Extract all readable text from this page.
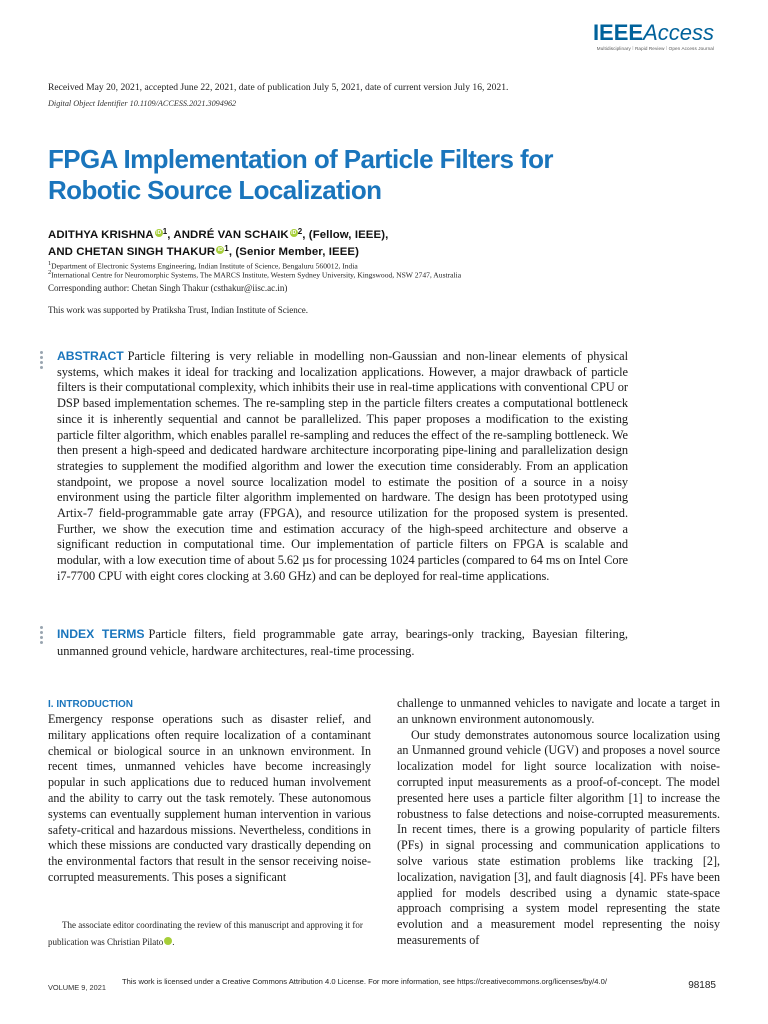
IEEEAccess
Multidisciplinary ⁞ Rapid Review ⁞ Open Access Journal
Received May 20, 2021, accepted June 22, 2021, date of publication July 5, 2021, date of current version July 16, 2021.
Digital Object Identifier 10.1109/ACCESS.2021.3094962
FPGA Implementation of Particle Filters for Robotic Source Localization
ADITHYA KRISHNA $iD^1$, ANDRÉ VAN SCHAIK $iD^2$, (Fellow, IEEE),
AND CHETAN SINGH THAKUR $iD^1$, (Senior Member, IEEE)
$^1$Department of Electronic Systems Engineering, Indian Institute of Science, Bengaluru 560012, India
$^2$International Centre for Neuromorphic Systems, The MARCS Institute, Western Sydney University, Kingswood, NSW 2747, Australia
Corresponding author: Chetan Singh Thakur (csthakur@iisc.ac.in)
This work was supported by Pratiksha Trust, Indian Institute of Science.
ABSTRACT Particle filtering is very reliable in modelling non-Gaussian and non-linear elements of physical systems, which makes it ideal for tracking and localization applications. However, a major drawback of particle filters is their computational complexity, which inhibits their use in real-time applications with conventional CPU or DSP based implementation schemes. The re-sampling step in the particle filters creates a computational bottleneck since it is inherently sequential and cannot be parallelized. This paper proposes a modification to the existing particle filter algorithm, which enables parallel re-sampling and reduces the effect of the re-sampling bottleneck. We then present a high-speed and dedicated hardware architecture incorporating pipe-lining and parallelization design strategies to supplement the modified algorithm and lower the execution time considerably. From an application standpoint, we propose a novel source localization model to estimate the position of a source in a noisy environment using the particle filter algorithm implemented on hardware. The design has been prototyped using Artix-7 field-programmable gate array (FPGA), and resource utilization for the proposed system is presented. Further, we show the execution time and estimation accuracy of the high-speed architecture and observe a significant reduction in computational time. Our implementation of particle filters on FPGA is scalable and modular, with a low execution time of about 5.62 µs for processing 1024 particles (compared to 64 ms on Intel Core i7-7700 CPU with eight cores clocking at 3.60 GHz) and can be deployed for real-time applications.
INDEX TERMS Particle filters, field programmable gate array, bearings-only tracking, Bayesian filtering, unmanned ground vehicle, hardware architectures, real-time processing.
I. INTRODUCTION

Emergency response operations such as disaster relief, and military applications often require localization of a contaminant chemical or biological source in an unknown environment. In recent times, unmanned vehicles have become increasingly popular in such applications due to reduced human involvement and the ability to carry out the task remotely. These autonomous systems can eventually supplement human intervention in various safety-critical and hazardous missions. Nevertheless, conditions in which these missions are conducted vary drastically depending on the environmental factors that result in the sensor receiving noise-corrupted measurements. This poses a significant

challenge to unmanned vehicles to navigate and locate a target in an unknown environment autonomously.

Our study demonstrates autonomous source localization using an Unmanned ground vehicle (UGV) and proposes a novel source localization model for light source localization with noise-corrupted input measurements as a proof-of-concept. The model presented here uses a particle filter algorithm [1] to increase the robustness to false detections and noise-corrupted measurements. In recent times, there is a growing popularity of particle filters (PFs) in signal processing and communication applications to solve various state estimation problems like tracking [2], localization, navigation [3], and fault diagnosis [4]. PFs have been applied for models described using a dynamic state-space approach comprising a system model representing the state evolution and a measurement model representing the noisy measurements of

The associate editor coordinating the review of this manuscript and approving it for publication was Christian Pilato	iD.
VOLUME 9, 2021
This work is licensed under a Creative Commons Attribution 4.0 License. For more information, see https://creativecommons.org/licenses/by/4.0/	98185
